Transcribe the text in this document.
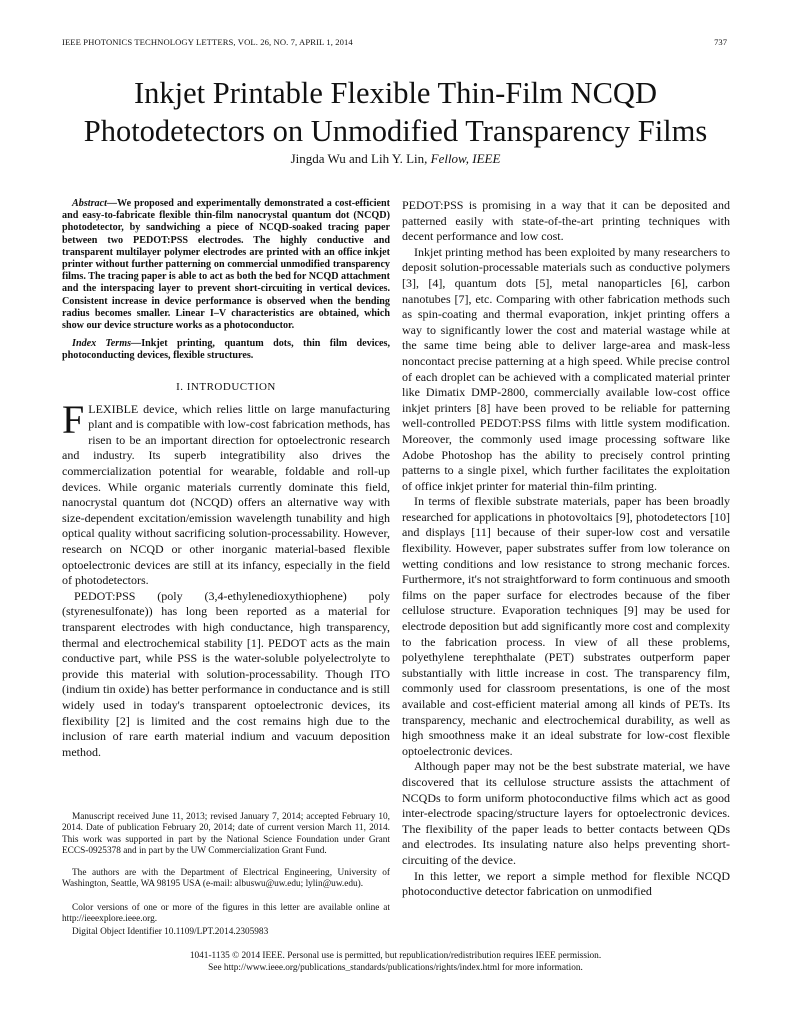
IEEE PHOTONICS TECHNOLOGY LETTERS, VOL. 26, NO. 7, APRIL 1, 2014	737
Inkjet Printable Flexible Thin-Film NCQD
Photodetectors on Unmodified Transparency Films
Jingda Wu and Lih Y. Lin, Fellow, IEEE

Abstract—We proposed and experimentally demonstrated a cost-efficient and easy-to-fabricate flexible thin-film nanocrystal quantum dot (NCQD) photodetector, by sandwiching a piece of NCQD-soaked tracing paper between two PEDOT:PSS electrodes. The highly conductive and transparent multilayer polymer electrodes are printed with an office inkjet printer without further patterning on commercial unmodified transparency films. The tracing paper is able to act as both the bed for NCQD attachment and the interspacing layer to prevent short-circuiting in vertical devices. Consistent increase in device performance is observed when the bending radius becomes smaller. Linear I–V characteristics are obtained, which show our device structure works as a photoconductor.

Index Terms—Inkjet printing, quantum dots, thin film devices, photoconducting devices, flexible structures.

I. INTRODUCTION

FLEXIBLE device, which relies little on large manufacturing plant and is compatible with low-cost fabrication methods, has risen to be an important direction for optoelectronic research and industry. Its superb integratibility also drives the commercialization potential for wearable, foldable and roll-up devices. While organic materials currently dominate this field, nanocrystal quantum dot (NCQD) offers an alternative way with size-dependent excitation/emission wavelength tunability and high optical quality without sacrificing solution-processability. However, research on NCQD or other inorganic material-based flexible optoelectronic devices are still at its infancy, especially in the field of photodetectors.

PEDOT:PSS (poly (3,4-ethylenedioxythiophene) poly (styrenesulfonate)) has long been reported as a material for transparent electrodes with high conductance, high transparency, thermal and electrochemical stability [1]. PEDOT acts as the main conductive part, while PSS is the water-soluble polyelectrolyte to provide this material with solution-processability. Though ITO (indium tin oxide) has better performance in conductance and is still widely used in today's transparent optoelectronic devices, its flexibility [2] is limited and the cost remains high due to the inclusion of rare earth material indium and vacuum deposition method.

PEDOT:PSS is promising in a way that it can be deposited and patterned easily with state-of-the-art printing techniques with decent performance and low cost.

Inkjet printing method has been exploited by many researchers to deposit solution-processable materials such as conductive polymers [3], [4], quantum dots [5], metal nanoparticles [6], carbon nanotubes [7], etc. Comparing with other fabrication methods such as spin-coating and thermal evaporation, inkjet printing offers a way to significantly lower the cost and material wastage while at the same time being able to deliver large-area and mask-less noncontact precise patterning at a high speed. While precise control of each droplet can be achieved with a complicated material printer like Dimatix DMP-2800, commercially available low-cost office inkjet printers [8] have been proved to be reliable for patterning well-controlled PEDOT:PSS films with little system modification. Moreover, the commonly used image processing software like Adobe Photoshop has the ability to precisely control printing patterns to a single pixel, which further facilitates the exploitation of office inkjet printer for material thin-film printing.

In terms of flexible substrate materials, paper has been broadly researched for applications in photovoltaics [9], photodetectors [10] and displays [11] because of their super-low cost and versatile flexibility. However, paper substrates suffer from low tolerance on wetting conditions and low resistance to strong mechanic forces. Furthermore, it's not straightforward to form continuous and smooth films on the paper surface for electrodes because of the fiber cellulose structure. Evaporation techniques [9] may be used for electrode deposition but add significantly more cost and complexity to the fabrication process. In view of all these problems, polyethylene terephthalate (PET) substrates outperform paper substantially with little increase in cost. The transparency film, commonly used for classroom presentations, is one of the most available and cost-efficient material among all kinds of PETs. Its transparency, mechanic and electrochemical durability, as well as high smoothness make it an ideal substrate for low-cost flexible optoelectronic devices.

Although paper may not be the best substrate material, we have discovered that its cellulose structure assists the attachment of NCQDs to form uniform photoconductive films which act as good inter-electrode spacing/structure layers for optoelectronic devices. The flexibility of the paper leads to better contacts between QDs and electrodes. Its insulating nature also helps preventing short-circuiting of the device.

In this letter, we report a simple method for flexible NCQD photoconductive detector fabrication on unmodified

Manuscript received June 11, 2013; revised January 7, 2014; accepted February 10, 2014. Date of publication February 20, 2014; date of current version March 11, 2014. This work was supported in part by the National Science Foundation under Grant ECCS-0925378 and in part by the UW Commercialization Grant Fund.
The authors are with the Department of Electrical Engineering, University of Washington, Seattle, WA 98195 USA (e-mail: albuswu@uw.edu; lylin@uw.edu).
Color versions of one or more of the figures in this letter are available online at http://ieeexplore.ieee.org.
Digital Object Identifier 10.1109/LPT.2014.2305983
1041-1135 © 2014 IEEE. Personal use is permitted, but republication/redistribution requires IEEE permission.
See http://www.ieee.org/publications_standards/publications/rights/index.html for more information.
